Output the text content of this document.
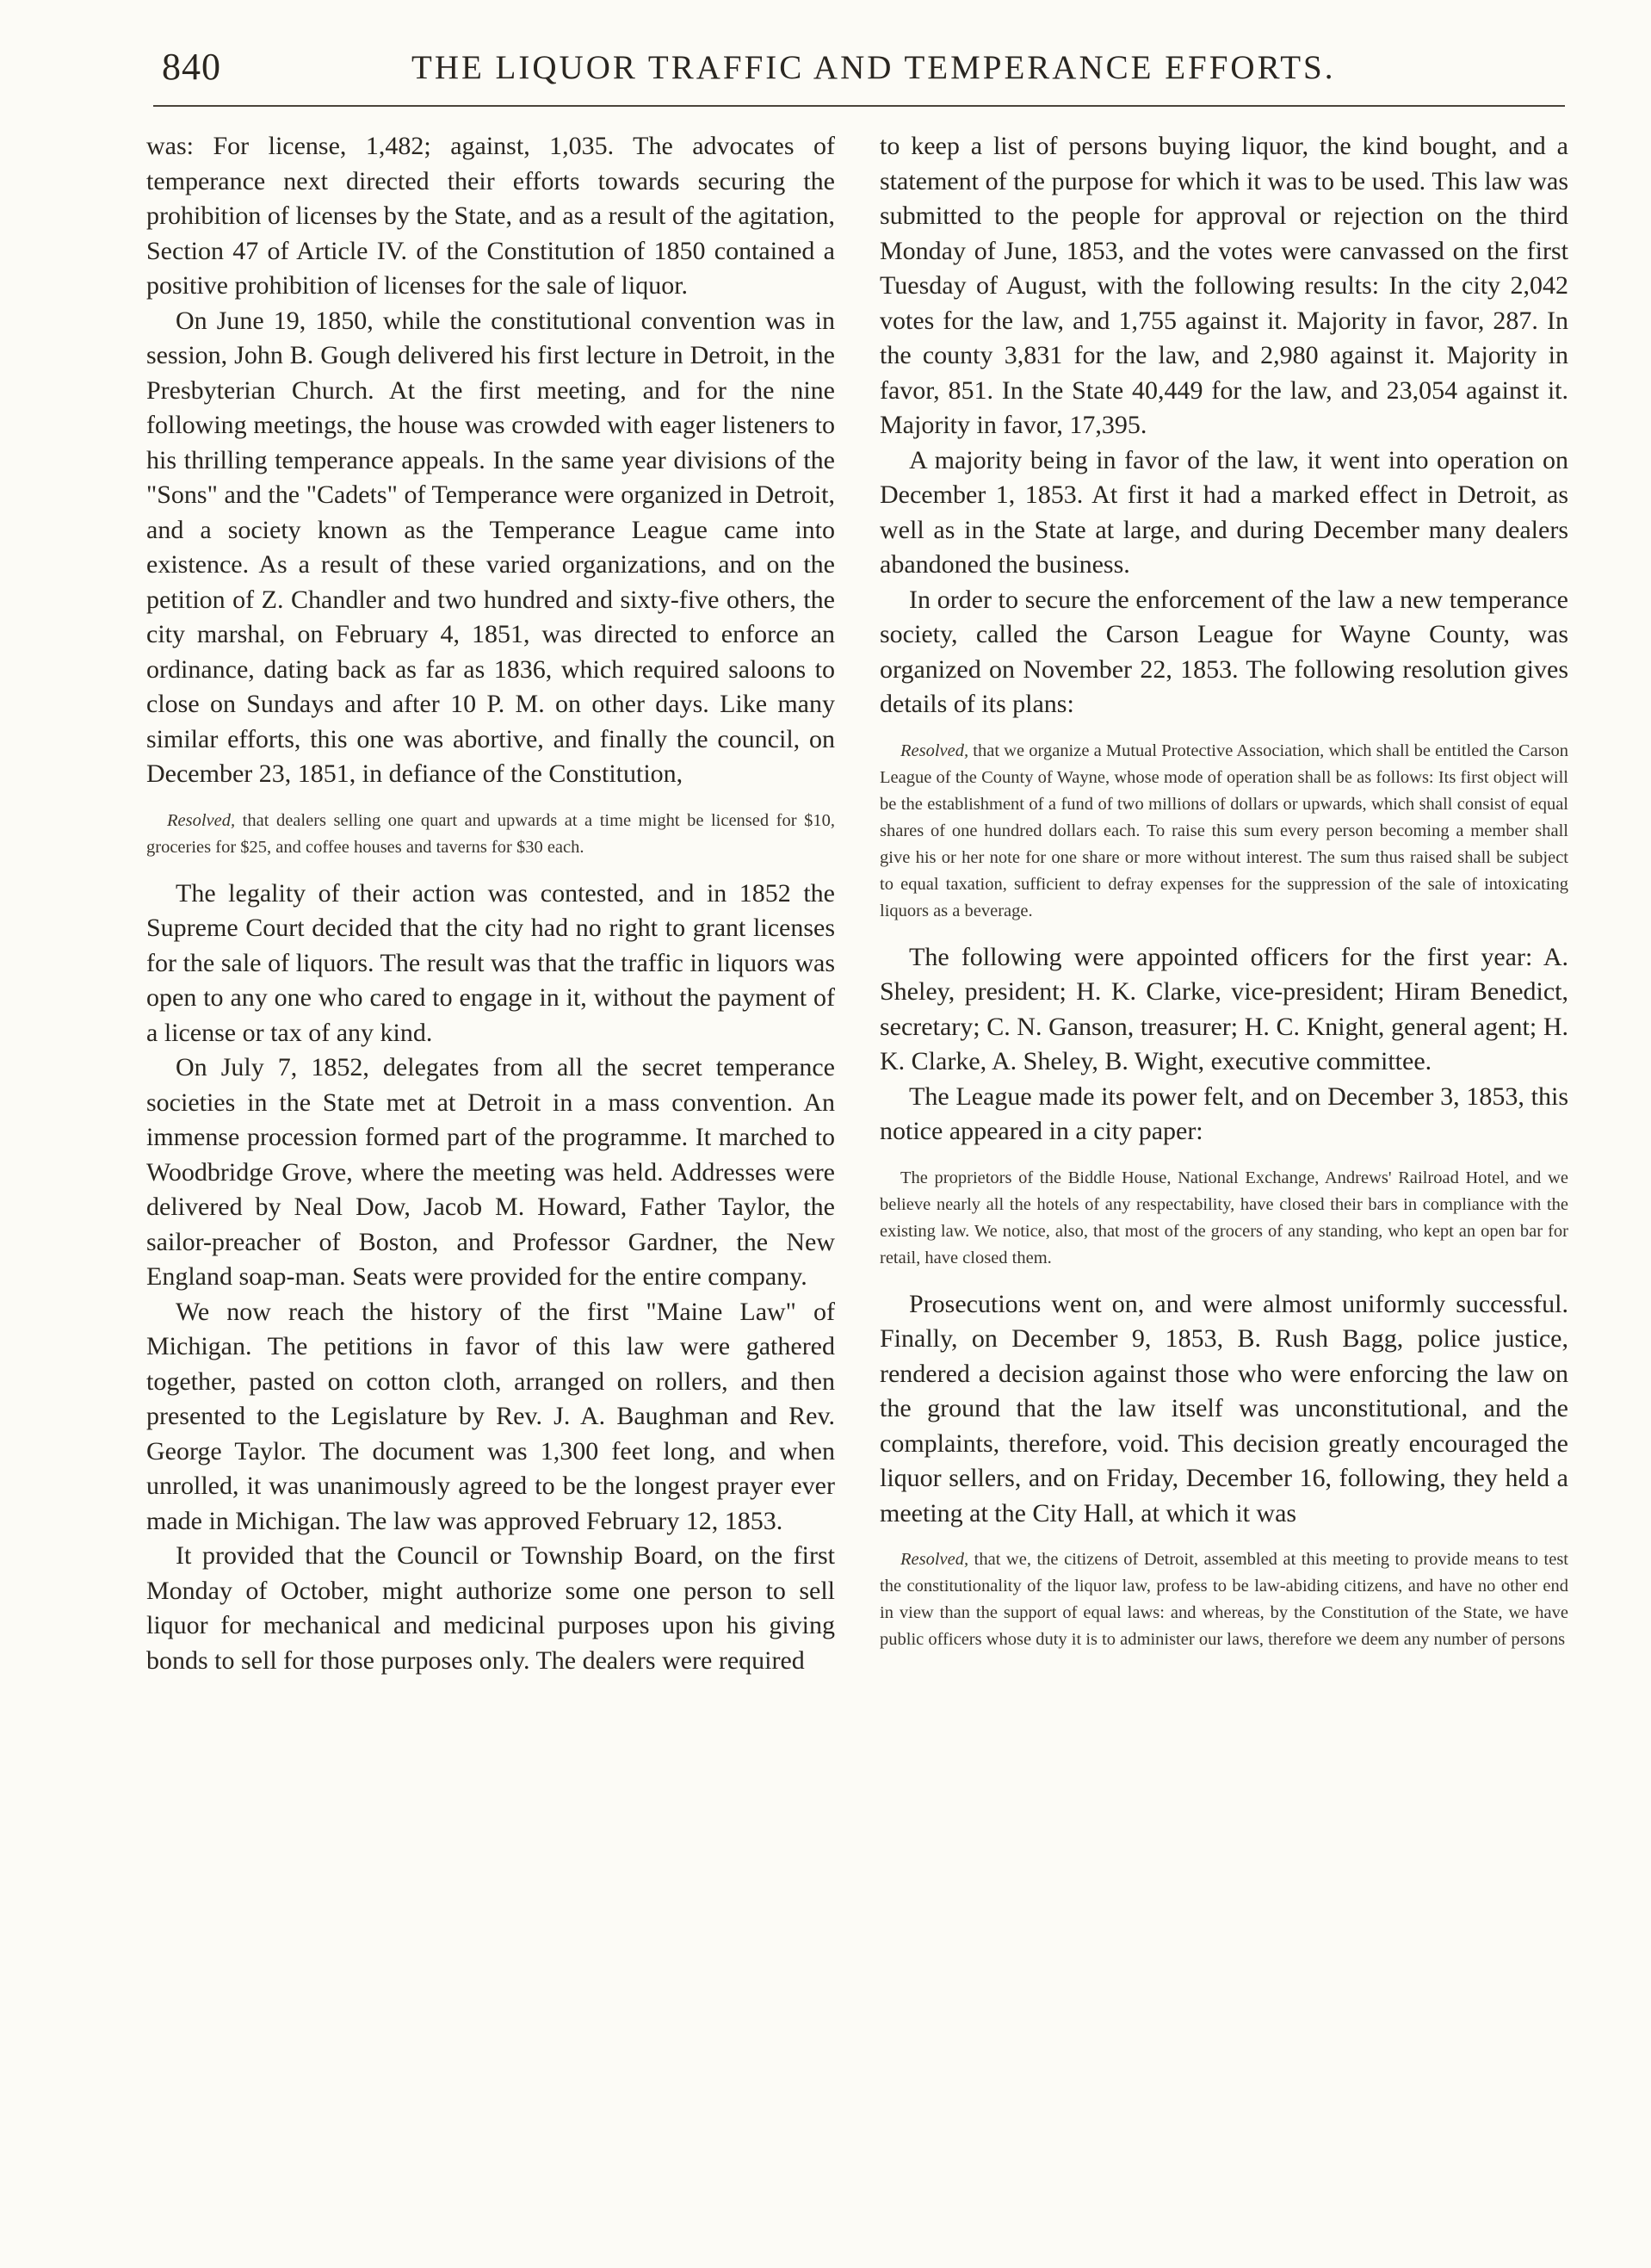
840	THE LIQUOR TRAFFIC AND TEMPERANCE EFFORTS.

was: For license, 1,482; against, 1,035. The advocates of temperance next directed their efforts towards securing the prohibition of licenses by the State, and as a result of the agitation, Section 47 of Article IV. of the Constitution of 1850 contained a positive prohibition of licenses for the sale of liquor.

On June 19, 1850, while the constitutional convention was in session, John B. Gough delivered his first lecture in Detroit, in the Presbyterian Church. At the first meeting, and for the nine following meetings, the house was crowded with eager listeners to his thrilling temperance appeals. In the same year divisions of the "Sons" and the "Cadets" of Temperance were organized in Detroit, and a society known as the Temperance League came into existence. As a result of these varied organizations, and on the petition of Z. Chandler and two hundred and sixty-five others, the city marshal, on February 4, 1851, was directed to enforce an ordinance, dating back as far as 1836, which required saloons to close on Sundays and after 10 P. M. on other days. Like many similar efforts, this one was abortive, and finally the council, on December 23, 1851, in defiance of the Constitution,

Resolved, that dealers selling one quart and upwards at a time might be licensed for $10, groceries for $25, and coffee houses and taverns for $30 each.

The legality of their action was contested, and in 1852 the Supreme Court decided that the city had no right to grant licenses for the sale of liquors. The result was that the traffic in liquors was open to any one who cared to engage in it, without the payment of a license or tax of any kind.

On July 7, 1852, delegates from all the secret temperance societies in the State met at Detroit in a mass convention. An immense procession formed part of the programme. It marched to Woodbridge Grove, where the meeting was held. Addresses were delivered by Neal Dow, Jacob M. Howard, Father Taylor, the sailor-preacher of Boston, and Professor Gardner, the New England soap-man. Seats were provided for the entire company.

We now reach the history of the first "Maine Law" of Michigan. The petitions in favor of this law were gathered together, pasted on cotton cloth, arranged on rollers, and then presented to the Legislature by Rev. J. A. Baughman and Rev. George Taylor. The document was 1,300 feet long, and when unrolled, it was unanimously agreed to be the longest prayer ever made in Michigan. The law was approved February 12, 1853.

It provided that the Council or Township Board, on the first Monday of October, might authorize some one person to sell liquor for mechanical and medicinal purposes upon his giving bonds to sell for those purposes only. The dealers were required

to keep a list of persons buying liquor, the kind bought, and a statement of the purpose for which it was to be used. This law was submitted to the people for approval or rejection on the third Monday of June, 1853, and the votes were canvassed on the first Tuesday of August, with the following results: In the city 2,042 votes for the law, and 1,755 against it. Majority in favor, 287. In the county 3,831 for the law, and 2,980 against it. Majority in favor, 851. In the State 40,449 for the law, and 23,054 against it. Majority in favor, 17,395.

A majority being in favor of the law, it went into operation on December 1, 1853. At first it had a marked effect in Detroit, as well as in the State at large, and during December many dealers abandoned the business.

In order to secure the enforcement of the law a new temperance society, called the Carson League for Wayne County, was organized on November 22, 1853. The following resolution gives details of its plans:

Resolved, that we organize a Mutual Protective Association, which shall be entitled the Carson League of the County of Wayne, whose mode of operation shall be as follows: Its first object will be the establishment of a fund of two millions of dollars or upwards, which shall consist of equal shares of one hundred dollars each. To raise this sum every person becoming a member shall give his or her note for one share or more without interest. The sum thus raised shall be subject to equal taxation, sufficient to defray expenses for the suppression of the sale of intoxicating liquors as a beverage.

The following were appointed officers for the first year: A. Sheley, president; H. K. Clarke, vice-president; Hiram Benedict, secretary; C. N. Ganson, treasurer; H. C. Knight, general agent; H. K. Clarke, A. Sheley, B. Wight, executive committee.

The League made its power felt, and on December 3, 1853, this notice appeared in a city paper:

The proprietors of the Biddle House, National Exchange, Andrews' Railroad Hotel, and we believe nearly all the hotels of any respectability, have closed their bars in compliance with the existing law. We notice, also, that most of the grocers of any standing, who kept an open bar for retail, have closed them.

Prosecutions went on, and were almost uniformly successful. Finally, on December 9, 1853, B. Rush Bagg, police justice, rendered a decision against those who were enforcing the law on the ground that the law itself was unconstitutional, and the complaints, therefore, void. This decision greatly encouraged the liquor sellers, and on Friday, December 16, following, they held a meeting at the City Hall, at which it was

Resolved, that we, the citizens of Detroit, assembled at this meeting to provide means to test the constitutionality of the liquor law, profess to be law-abiding citizens, and have no other end in view than the support of equal laws: and whereas, by the Constitution of the State, we have public officers whose duty it is to administer our laws, therefore we deem any number of persons
